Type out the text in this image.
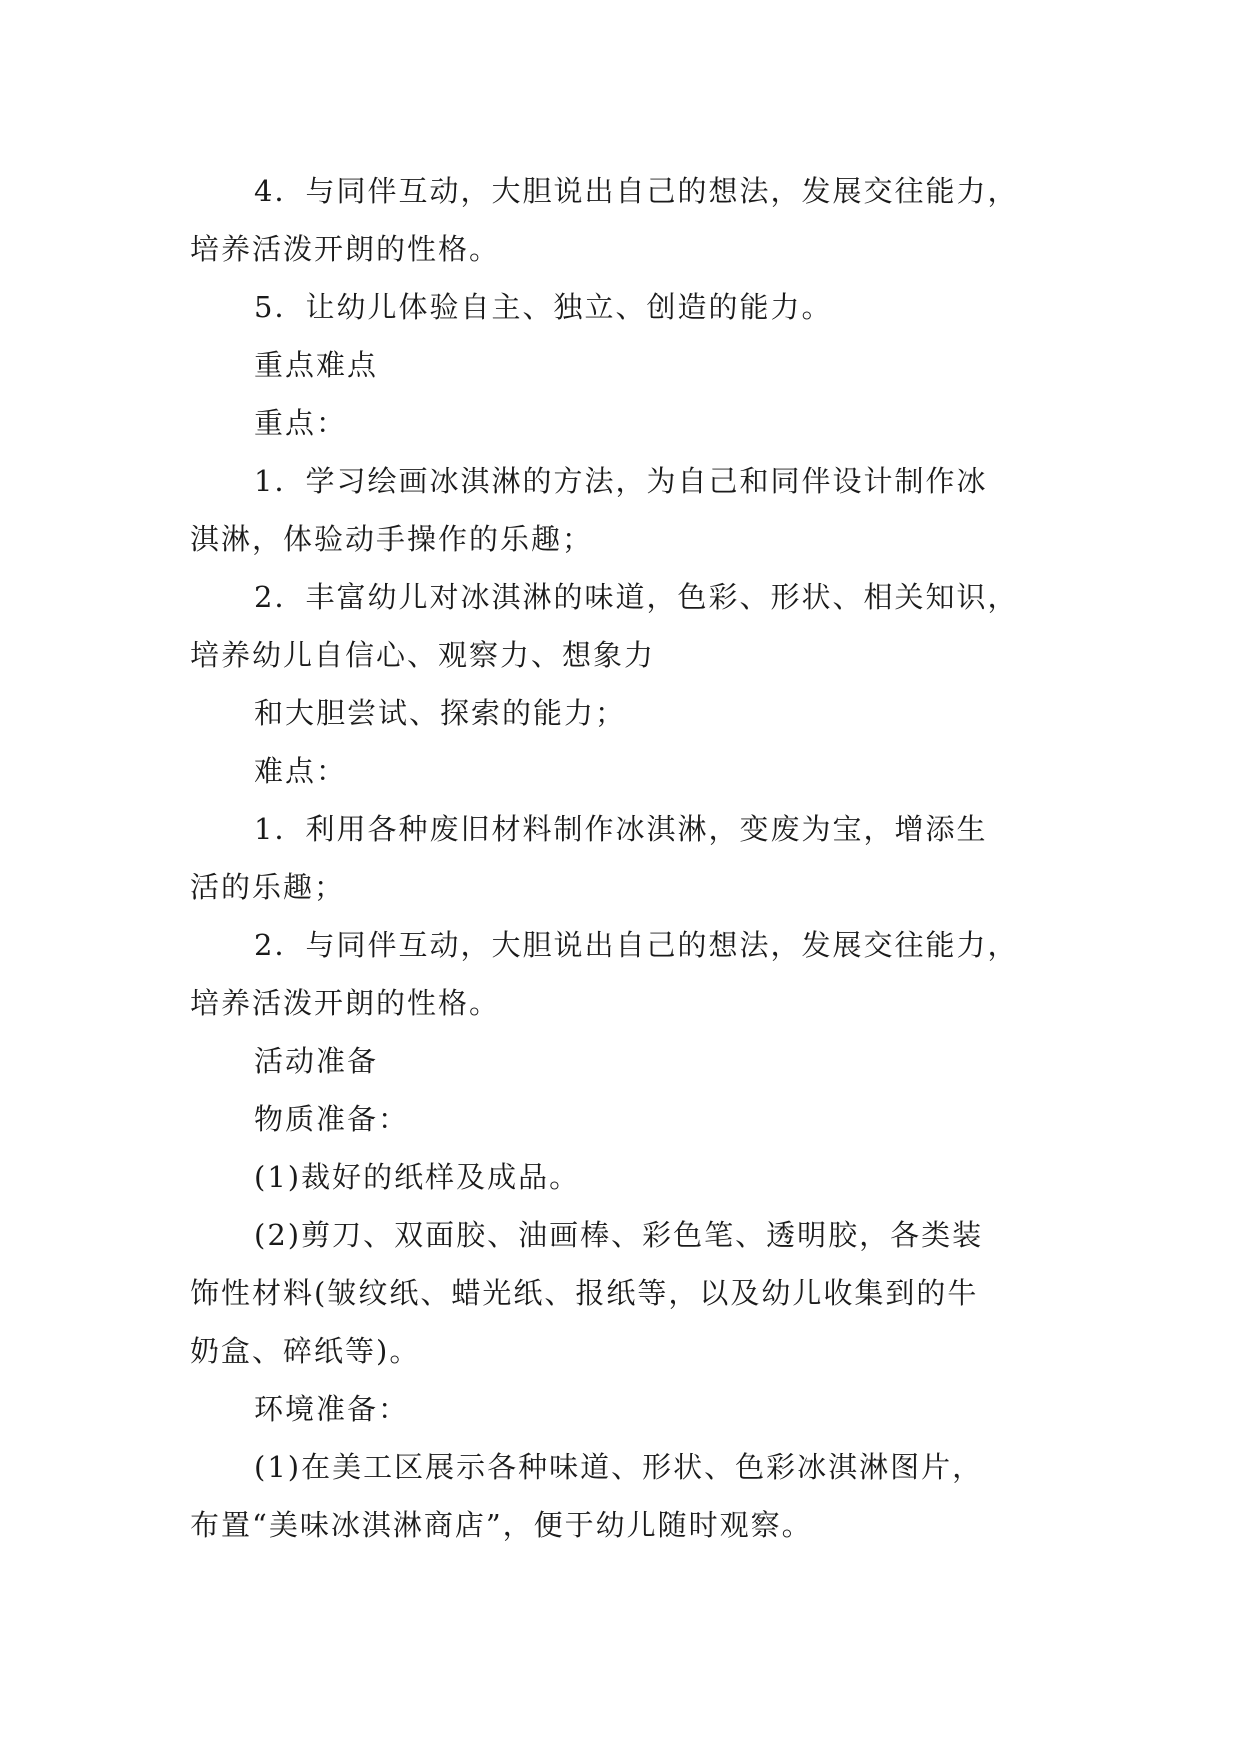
4．与同伴互动，大胆说出自己的想法，发展交往能力，
培养活泼开朗的性格。
5．让幼儿体验自主、独立、创造的能力。
重点难点
重点：
1．学习绘画冰淇淋的方法，为自己和同伴设计制作冰
淇淋，体验动手操作的乐趣；
2．丰富幼儿对冰淇淋的味道，色彩、形状、相关知识，
培养幼儿自信心、观察力、想象力
和大胆尝试、探索的能力；
难点：
1．利用各种废旧材料制作冰淇淋，变废为宝，增添生
活的乐趣；
2．与同伴互动，大胆说出自己的想法，发展交往能力，
培养活泼开朗的性格。
活动准备
物质准备：
(1)裁好的纸样及成品。
(2)剪刀、双面胶、油画棒、彩色笔、透明胶，各类装
饰性材料(皱纹纸、蜡光纸、报纸等，以及幼儿收集到的牛
奶盒、碎纸等)。
环境准备：
(1)在美工区展示各种味道、形状、色彩冰淇淋图片，
布置“美味冰淇淋商店”，便于幼儿随时观察。
